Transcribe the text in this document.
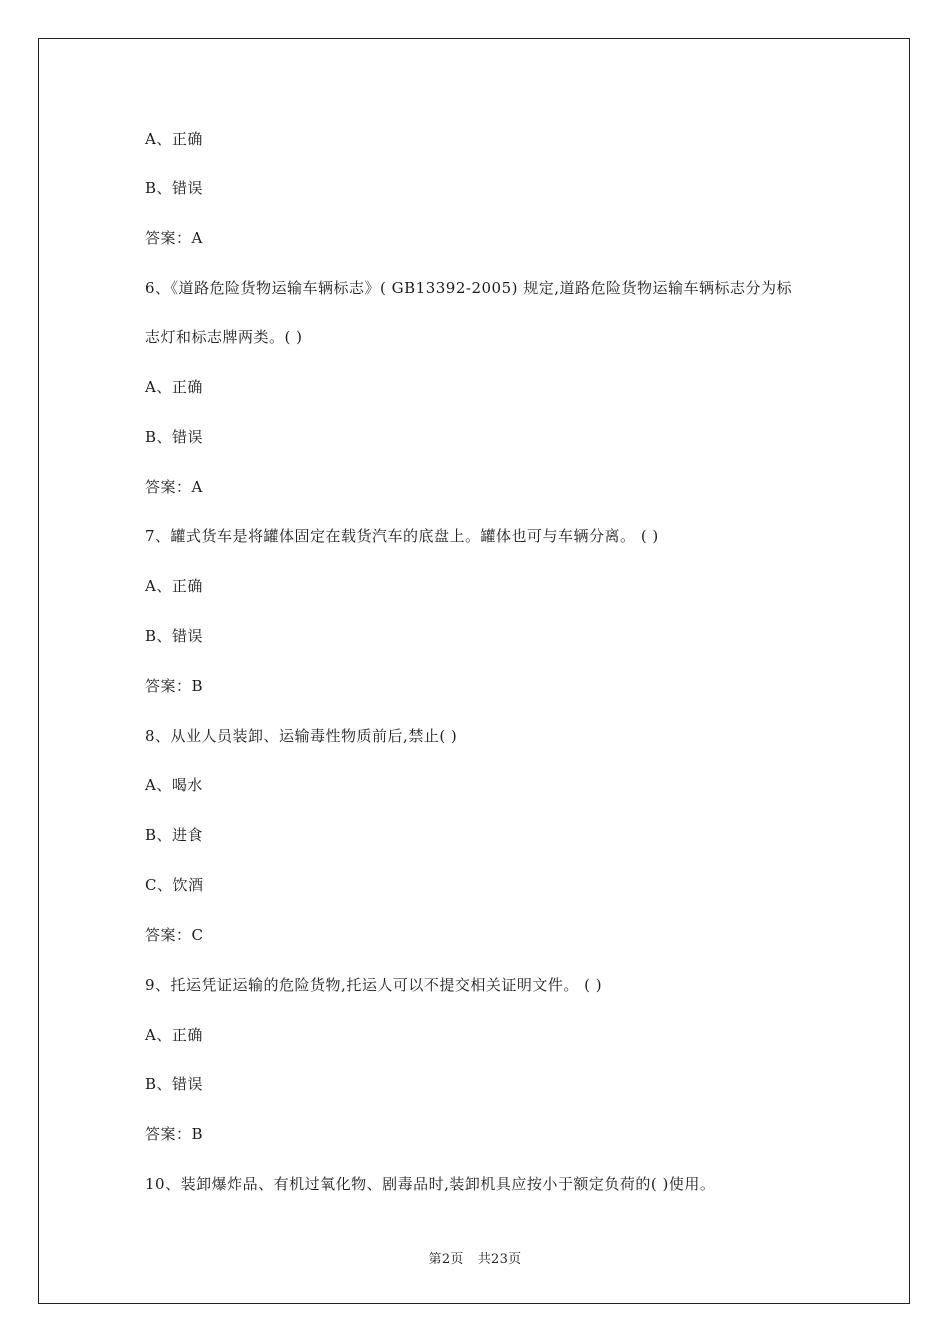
A、正确
B、错误
答案：A
6、《道路危险货物运输车辆标志》( GB13392-2005) 规定,道路危险货物运输车辆标志分为标
志灯和标志牌两类。( )
A、正确
B、错误
答案：A
7、罐式货车是将罐体固定在载货汽车的底盘上。罐体也可与车辆分离。 ( )
A、正确
B、错误
答案：B
8、从业人员装卸、运输毒性物质前后,禁止( )
A、喝水
B、进食
C、饮酒
答案：C
9、托运凭证运输的危险货物,托运人可以不提交相关证明文件。 ( )
A、正确
B、错误
答案：B
10、装卸爆炸品、有机过氧化物、剧毒品时,装卸机具应按小于额定负荷的( )使用。
第2页 共23页
